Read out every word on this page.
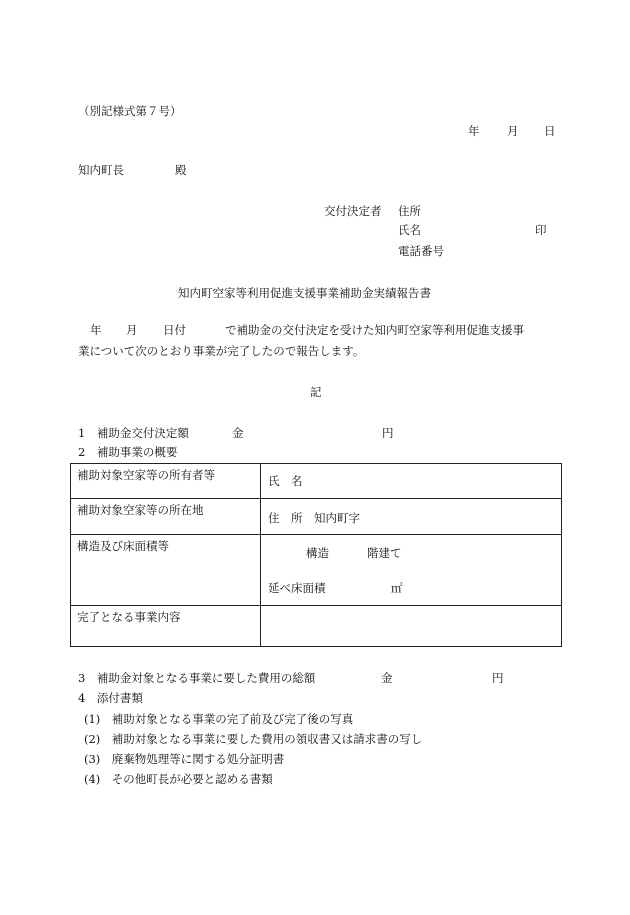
（別記様式第７号）
年 月 日
知内町長	殿
交付決定者 住所
氏名	印
電話番号
知内町空家等利用促進支援事業補助金実績報告書
年 月 日付	で補助金の交付決定を受けた知内町空家等利用促進支援事
業について次のとおり事業が完了したので報告します。
記
1　補助金交付決定額	金	円
2　補助事業の概要
補助対象空家等の所有者等	氏　名

補助対象空家等の所在地	住　所　知内町字

構造及び床面積等	構造 階建て

	延べ床面積 ㎡

完了となる事業内容	

3　補助金対象となる事業に要した費用の総額	金	円
4　添付書類
(1)　補助対象となる事業の完了前及び完了後の写真
(2)　補助対象となる事業に要した費用の領収書又は請求書の写し
(3)　廃棄物処理等に関する処分証明書
(4)　その他町長が必要と認める書類
